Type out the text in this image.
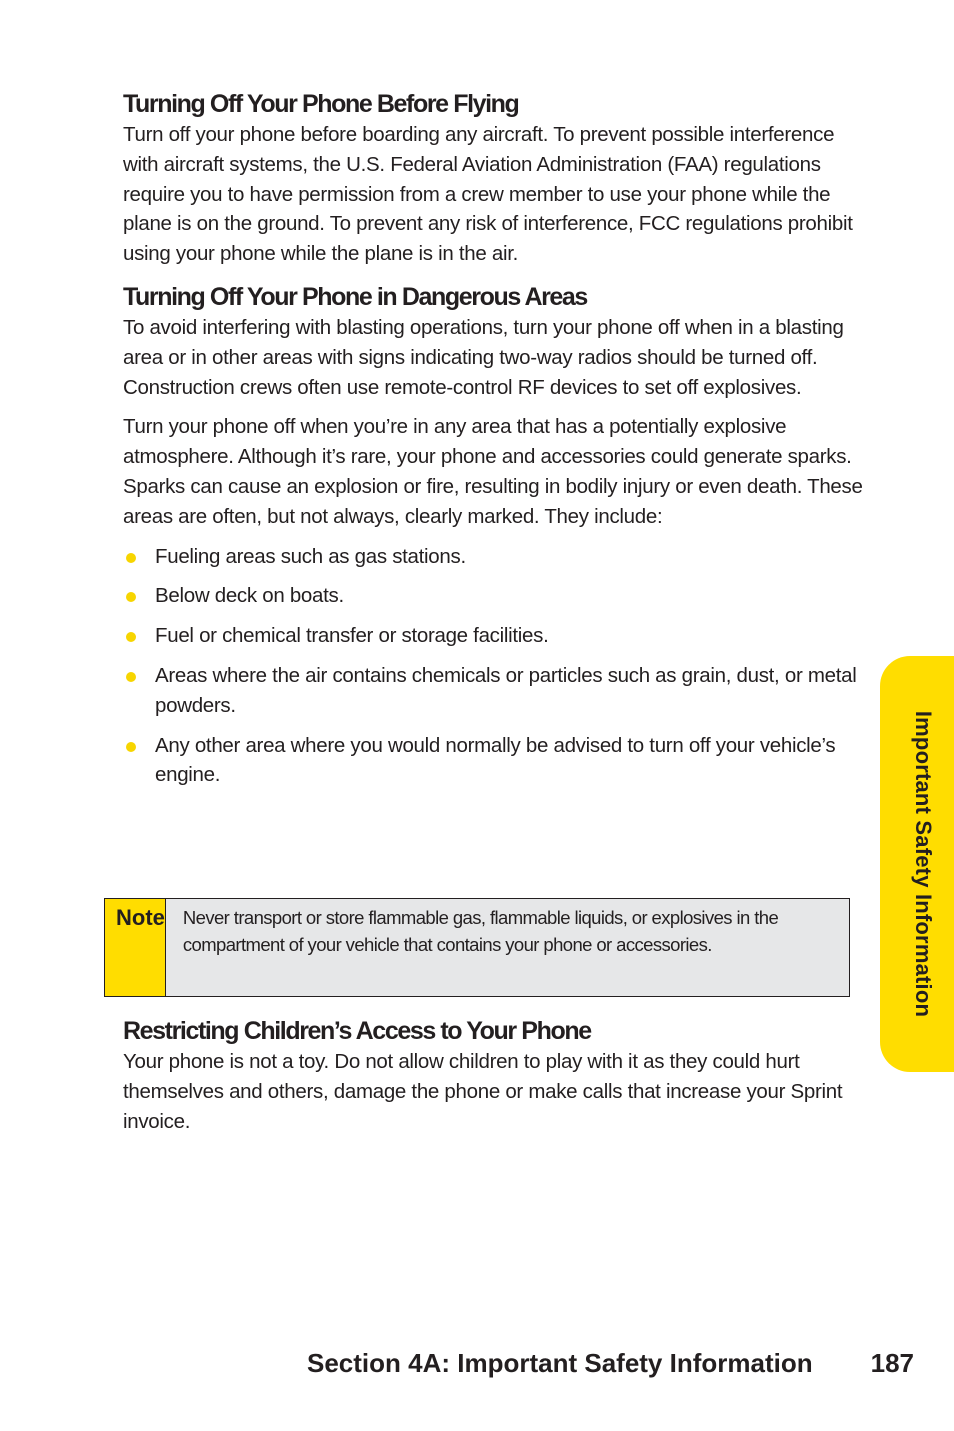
Turning Off Your Phone Before Flying

Turn off your phone before boarding any aircraft. To prevent possible interference with aircraft systems, the U.S. Federal Aviation Administration (FAA) regulations require you to have permission from a crew member to use your phone while the plane is on the ground. To prevent any risk of interference, FCC regulations prohibit using your phone while the plane is in the air.

Turning Off Your Phone in Dangerous Areas

To avoid interfering with blasting operations, turn your phone off when in a blasting area or in other areas with signs indicating two-way radios should be turned off. Construction crews often use remote-control RF devices to set off explosives.

Turn your phone off when you’re in any area that has a potentially explosive atmosphere. Although it’s rare, your phone and accessories could generate sparks. Sparks can cause an explosion or fire, resulting in bodily injury or even death. These areas are often, but not always, clearly marked. They include:

Fueling areas such as gas stations.
Below deck on boats.
Fuel or chemical transfer or storage facilities.
Areas where the air contains chemicals or particles such as grain, dust, or metal powders.
Any other area where you would normally be advised to turn off your vehicle’s engine.
Note Never transport or store flammable gas, flammable liquids, or explosives in the compartment of your vehicle that contains your phone or accessories.
Restricting Children’s Access to Your Phone

Your phone is not a toy. Do not allow children to play with it as they could hurt themselves and others, damage the phone or make calls that increase your Sprint invoice.

Important Safety Information
Section 4A: Important Safety Information 187
